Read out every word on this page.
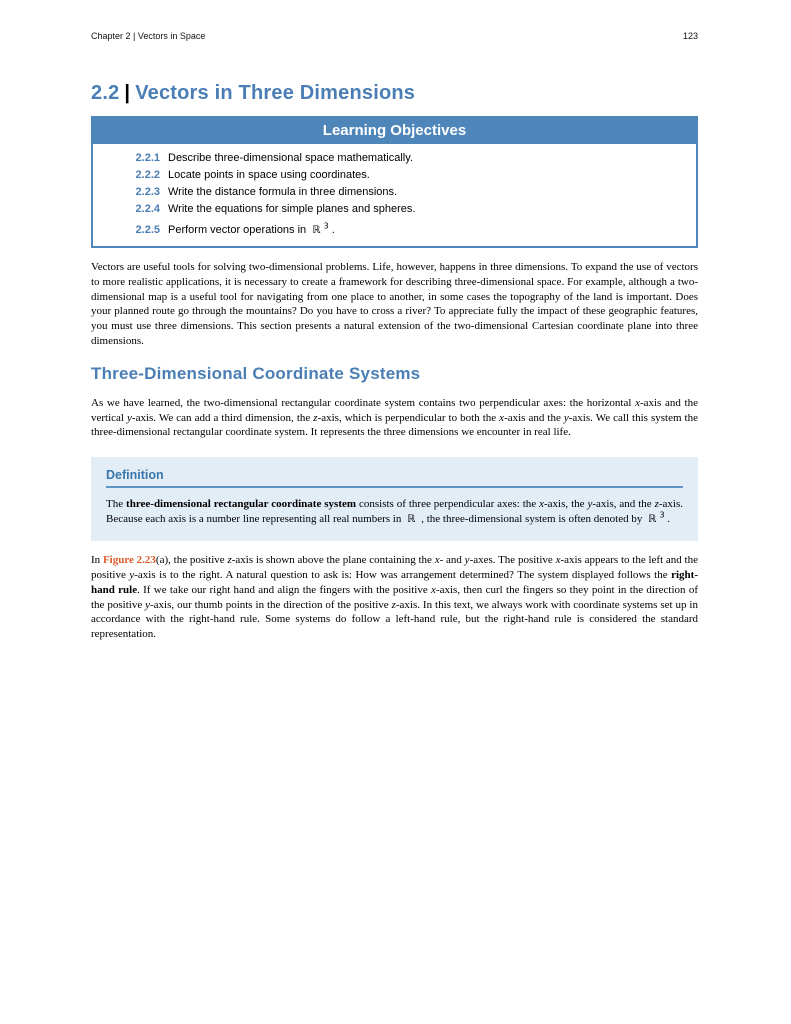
Chapter 2 | Vectors in Space	123
2.2 | Vectors in Three Dimensions
Learning Objectives
2.2.1 Describe three-dimensional space mathematically.
2.2.2 Locate points in space using coordinates.
2.2.3 Write the distance formula in three dimensions.
2.2.4 Write the equations for simple planes and spheres.
2.2.5 Perform vector operations in ℝ $^3$ .

Vectors are useful tools for solving two-dimensional problems. Life, however, happens in three dimensions. To expand the use of vectors to more realistic applications, it is necessary to create a framework for describing three-dimensional space. For example, although a two-dimensional map is a useful tool for navigating from one place to another, in some cases the topography of the land is important. Does your planned route go through the mountains? Do you have to cross a river? To appreciate fully the impact of these geographic features, you must use three dimensions. This section presents a natural extension of the two-dimensional Cartesian coordinate plane into three dimensions.

Three-Dimensional Coordinate Systems

As we have learned, the two-dimensional rectangular coordinate system contains two perpendicular axes: the horizontal x-axis and the vertical y-axis. We can add a third dimension, the z-axis, which is perpendicular to both the x-axis and the y-axis. We call this system the three-dimensional rectangular coordinate system. It represents the three dimensions we encounter in real life.

Definition
The three-dimensional rectangular coordinate system consists of three perpendicular axes: the x-axis, the y-axis, and the z-axis. Because each axis is a number line representing all real numbers in ℝ , the three-dimensional system is often denoted by ℝ $^3$ .

In Figure 2.23(a), the positive z-axis is shown above the plane containing the x- and y-axes. The positive x-axis appears to the left and the positive y-axis is to the right. A natural question to ask is: How was arrangement determined? The system displayed follows the right-hand rule. If we take our right hand and align the fingers with the positive x-axis, then curl the fingers so they point in the direction of the positive y-axis, our thumb points in the direction of the positive z-axis. In this text, we always work with coordinate systems set up in accordance with the right-hand rule. Some systems do follow a left-hand rule, but the right-hand rule is considered the standard representation.
